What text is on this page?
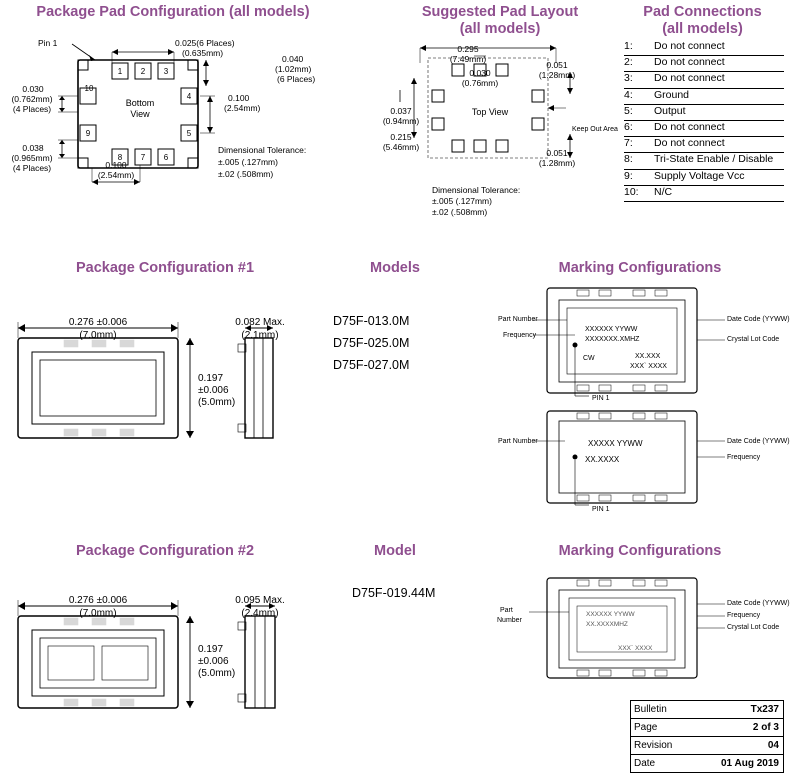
Package Pad Configuration (all models)	Suggested Pad Layout
(all models)
Pad Connections
(all models)
1	2	3
4
5
6
7
8
9
10
Pin 1
Bottom
View
0.025(6 Places)
(0.635mm)
0.040
(1.02mm)
(6 Places)
0.100
(2.54mm)
0.030
(0.762mm)
(4 Places)
0.038
(0.965mm)
(4 Places)	0.100
(2.54mm)
Dimensional Tolerance:
±.005 (.127mm)
±.02 (.508mm)
0.295
(7.49mm)
0.030
(0.76mm)
0.051
(1.28mm)
0.037
(0.94mm)
0.215
(5.46mm)
0.051
(1.28mm)
Top View
Keep Out Area
Dimensional Tolerance:
±.005 (.127mm)
±.02 (.508mm)
1: Do not connect
2: Do not connect
3: Do not connect
4: Ground
5: Output
6: Do not connect
7: Do not connect
8: Tri-State Enable / Disable
9: Supply Voltage Vcc
10: N/C
Package Configuration #1	Models	Marking Configurations
0.276 ±0.006
(7.0mm)
0.197
±0.006
(5.0mm)
0.082 Max.
(2.1mm)
D75F-013.0M
D75F-025.0M
D75F-027.0M
Part Number
Frequency
Date Code (YYWW)
Crystal Lot Code
PIN 1
XXXXXX YYWW
XXXXXXX.XMHZ
CW	XX.XXX
XXX` XXXX
Part Number	Date Code (YYWW)
Frequency
PIN 1
XXXXX YYWW
XX.XXXX
Package Configuration #2	Model	Marking Configurations
0.276 ±0.006
(7.0mm)
0.197
±0.006
(5.0mm)
0.095 Max.
(2.4mm)
D75F-019.44M
Part
Number
Date Code (YYWW)
Frequency
Crystal Lot Code
XXXXXX YYWW
XX.XXXXMHZ
XXX` XXXX
Bulletin	Tx237
Page	2 of 3
Revision	04
Date	01 Aug 2019
